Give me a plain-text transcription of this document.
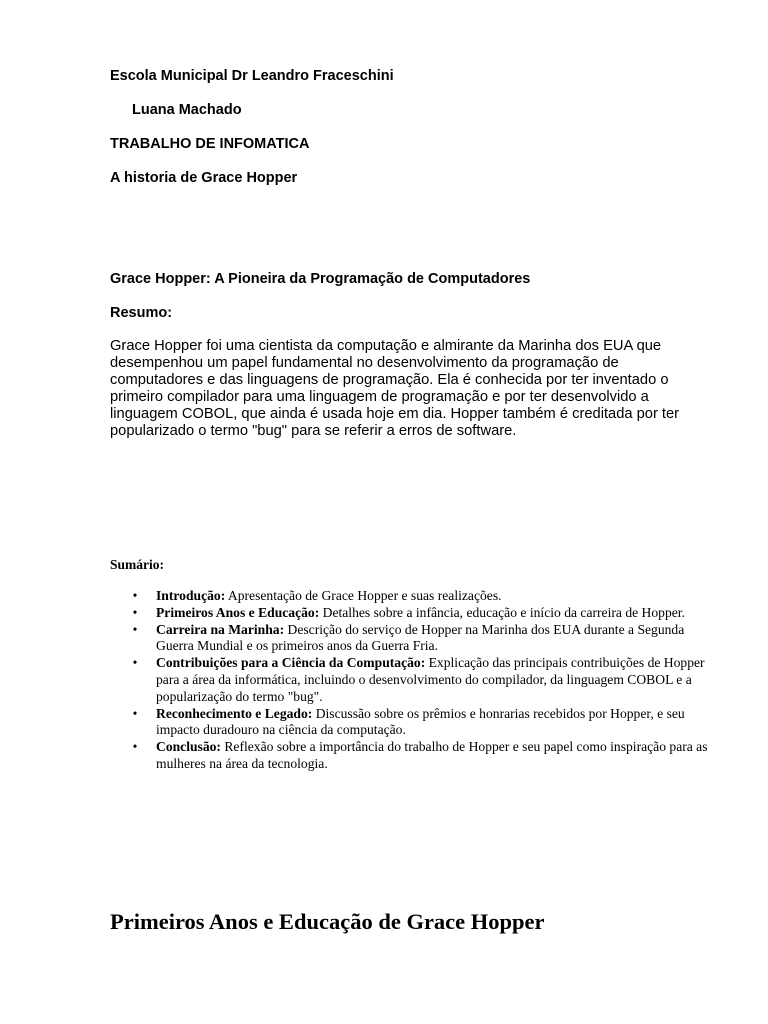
Escola Municipal Dr Leandro Fraceschini

Luana Machado

TRABALHO DE INFOMATICA

A historia de Grace Hopper

Grace Hopper: A Pioneira da Programação de Computadores

Resumo:

Grace Hopper foi uma cientista da computação e almirante da Marinha dos EUA que desempenhou um papel fundamental no desenvolvimento da programação de computadores e das linguagens de programação. Ela é conhecida por ter inventado o primeiro compilador para uma linguagem de programação e por ter desenvolvido a linguagem COBOL, que ainda é usada hoje em dia. Hopper também é creditada por ter popularizado o termo "bug" para se referir a erros de software.

Sumário:

• Introdução: Apresentação de Grace Hopper e suas realizações.
• Primeiros Anos e Educação: Detalhes sobre a infância, educação e início da carreira de Hopper.
• Carreira na Marinha: Descrição do serviço de Hopper na Marinha dos EUA durante a Segunda Guerra Mundial e os primeiros anos da Guerra Fria.
• Contribuições para a Ciência da Computação: Explicação das principais contribuições de Hopper para a área da informática, incluindo o desenvolvimento do compilador, da linguagem COBOL e a popularização do termo "bug".
• Reconhecimento e Legado: Discussão sobre os prêmios e honrarias recebidos por Hopper, e seu impacto duradouro na ciência da computação.
• Conclusão: Reflexão sobre a importância do trabalho de Hopper e seu papel como inspiração para as mulheres na área da tecnologia.
Primeiros Anos e Educação de Grace Hopper
